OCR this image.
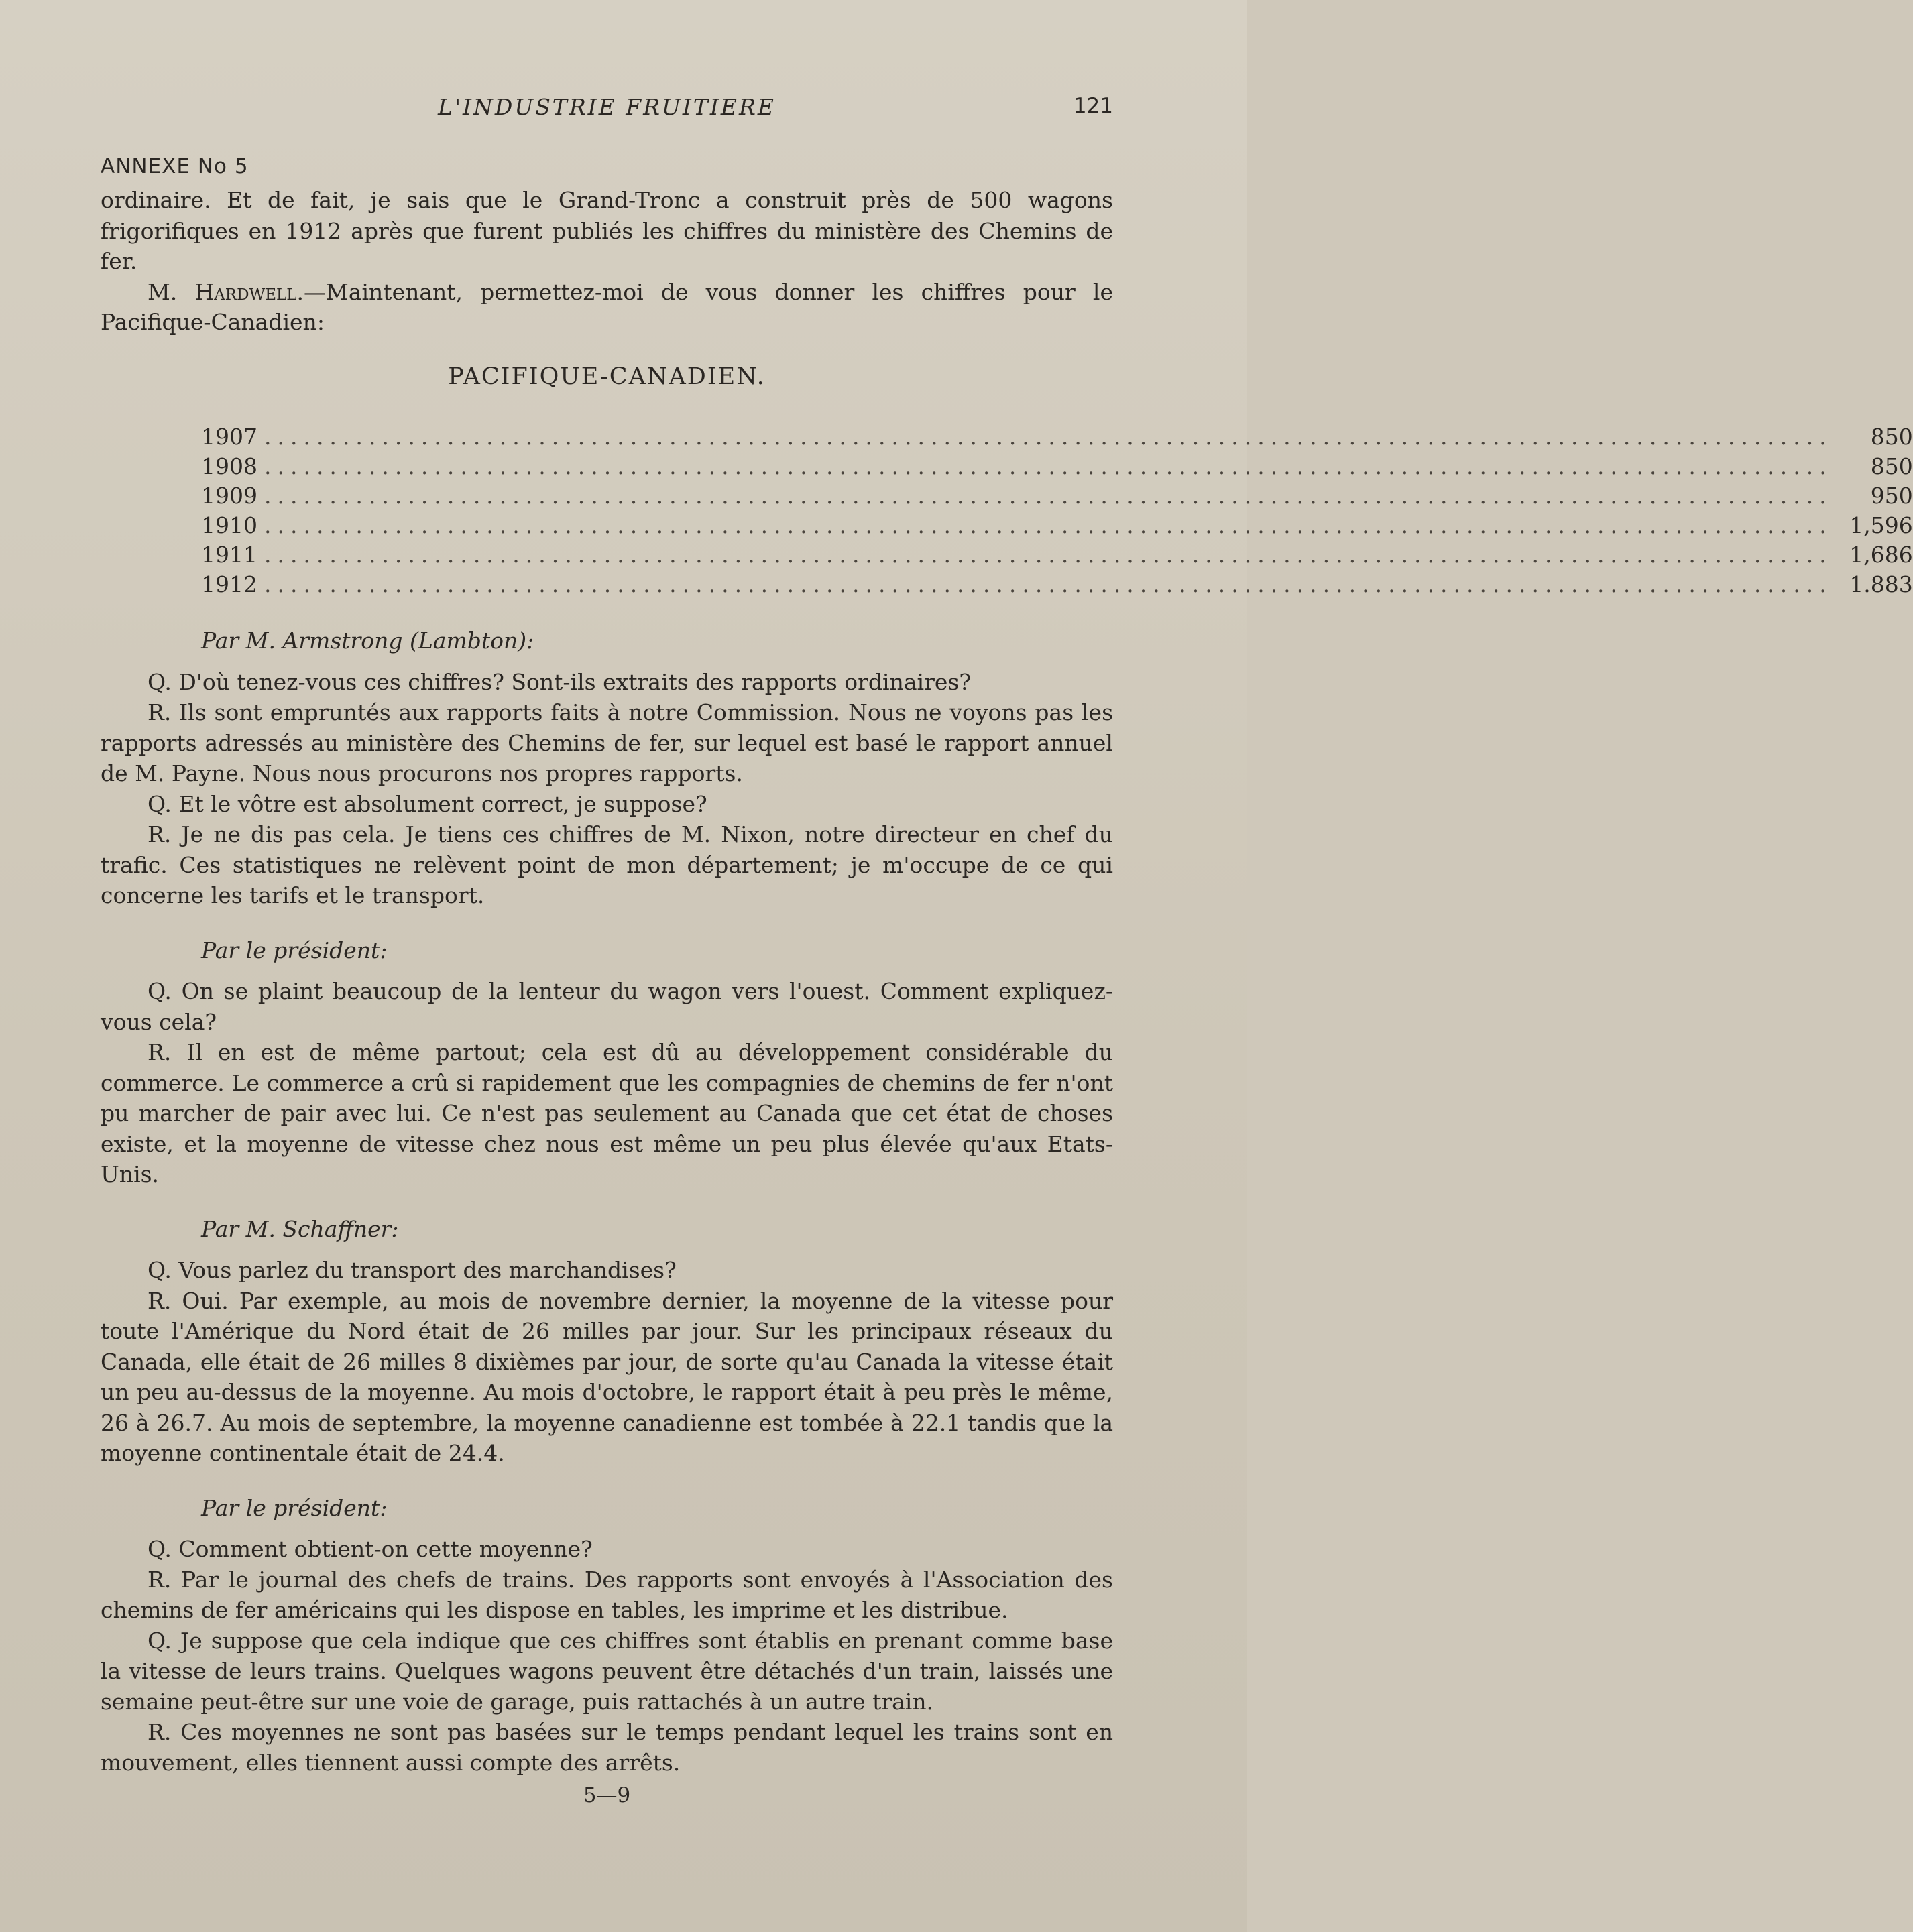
L'INDUSTRIE FRUITIERE	121
ANNEXE No 5

ordinaire. Et de fait, je sais que le Grand-Tronc a construit près de 500 wagons frigorifiques en 1912 après que furent publiés les chiffres du ministère des Chemins de fer.

M. Hardwell.—Maintenant, permettez-moi de vous donner les chiffres pour le Pacifique-Canadien:

PACIFIQUE-CANADIEN.
1907 ........................................................................................................................	850
1908 ........................................................................................................................	850
1909 ........................................................................................................................	950
1910 ........................................................................................................................ 1,596
1911 ........................................................................................................................ 1,686
1912 ........................................................................................................................ 1.883
Par M. Armstrong (Lambton):

Q. D'où tenez-vous ces chiffres? Sont-ils extraits des rapports ordinaires?

R. Ils sont empruntés aux rapports faits à notre Commission. Nous ne voyons pas les rapports adressés au ministère des Chemins de fer, sur lequel est basé le rapport annuel de M. Payne. Nous nous procurons nos propres rapports.

Q. Et le vôtre est absolument correct, je suppose?

R. Je ne dis pas cela. Je tiens ces chiffres de M. Nixon, notre directeur en chef du trafic. Ces statistiques ne relèvent point de mon département; je m'occupe de ce qui concerne les tarifs et le transport.

Par le président:

Q. On se plaint beaucoup de la lenteur du wagon vers l'ouest. Comment expliquez-vous cela?

R. Il en est de même partout; cela est dû au développement considérable du commerce. Le commerce a crû si rapidement que les compagnies de chemins de fer n'ont pu marcher de pair avec lui. Ce n'est pas seulement au Canada que cet état de choses existe, et la moyenne de vitesse chez nous est même un peu plus élevée qu'aux Etats-Unis.

Par M. Schaffner:

Q. Vous parlez du transport des marchandises?

R. Oui. Par exemple, au mois de novembre dernier, la moyenne de la vitesse pour toute l'Amérique du Nord était de 26 milles par jour. Sur les principaux réseaux du Canada, elle était de 26 milles 8 dixièmes par jour, de sorte qu'au Canada la vitesse était un peu au-dessus de la moyenne. Au mois d'octobre, le rapport était à peu près le même, 26 à 26.7. Au mois de septembre, la moyenne canadienne est tombée à 22.1 tandis que la moyenne continentale était de 24.4.

Par le président:

Q. Comment obtient-on cette moyenne?

R. Par le journal des chefs de trains. Des rapports sont envoyés à l'Association des chemins de fer américains qui les dispose en tables, les imprime et les distribue.

Q. Je suppose que cela indique que ces chiffres sont établis en prenant comme base la vitesse de leurs trains. Quelques wagons peuvent être détachés d'un train, laissés une semaine peut-être sur une voie de garage, puis rattachés à un autre train.

R. Ces moyennes ne sont pas basées sur le temps pendant lequel les trains sont en mouvement, elles tiennent aussi compte des arrêts.

5—9
